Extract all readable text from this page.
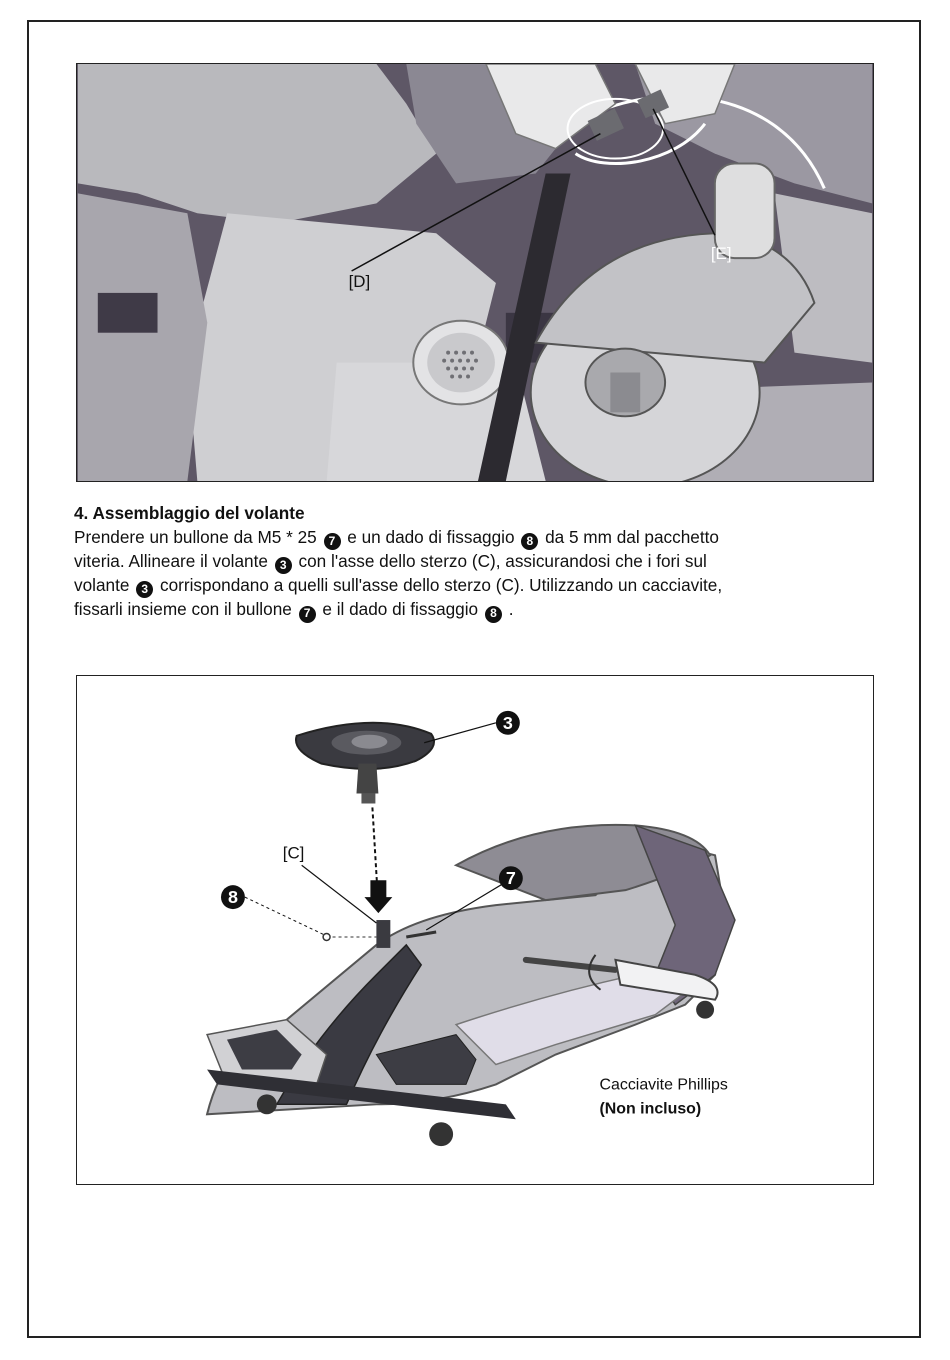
[D]
[E]
4. Assemblaggio del volante
Prendere un bullone da M5 * 25 7 e un dado di fissaggio 8 da 5 mm dal pacchetto
viteria. Allineare il volante 3 con l'asse dello sterzo (C), assicurandosi che i fori sul
volante 3 corrispondano a quelli sull'asse dello sterzo (C). Utilizzando un cacciavite,
fissarli insieme con il bullone 7 e il dado di fissaggio 8 .
3
7
8
[C]
Cacciavite Phillips
(Non incluso)
